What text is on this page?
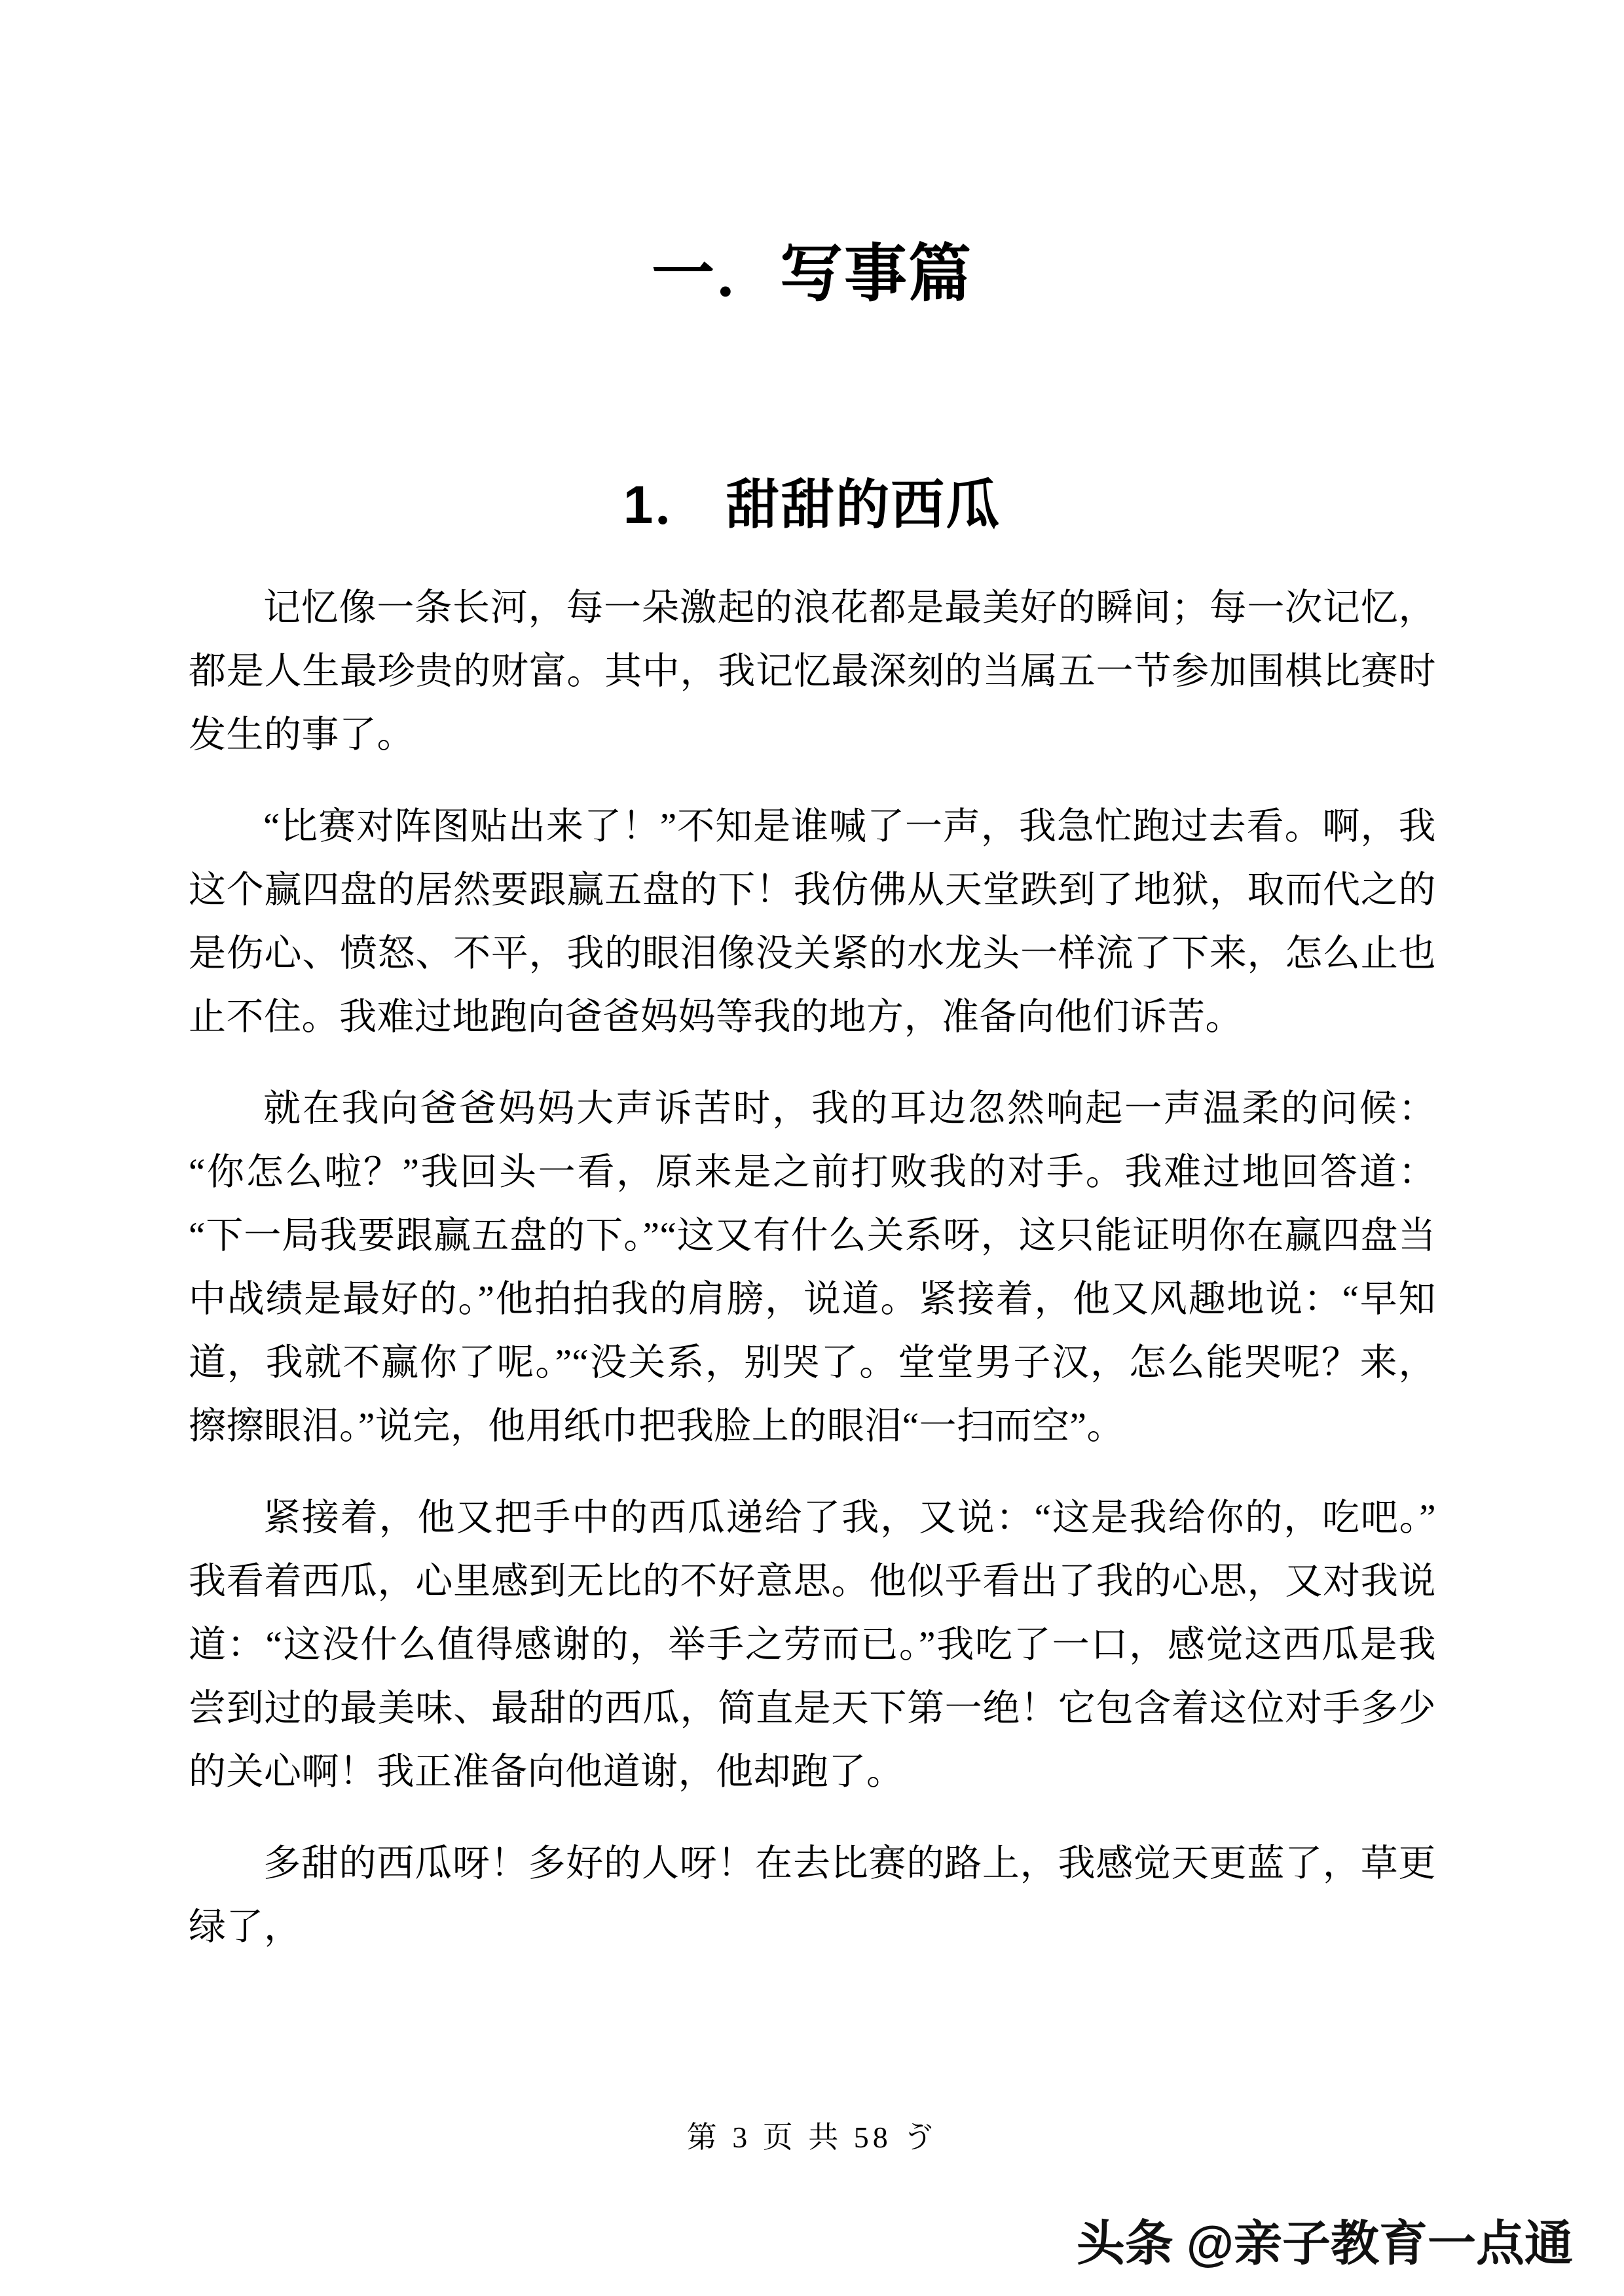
一．写事篇
1． 甜甜的西瓜

记忆像一条长河，每一朵激起的浪花都是最美好的瞬间；每一次记忆，都是人生最珍贵的财富。其中，我记忆最深刻的当属五一节参加围棋比赛时发生的事了。

“比赛对阵图贴出来了！”不知是谁喊了一声，我急忙跑过去看。啊，我这个赢四盘的居然要跟赢五盘的下！我仿佛从天堂跌到了地狱，取而代之的是伤心、愤怒、不平，我的眼泪像没关紧的水龙头一样流了下来，怎么止也止不住。我难过地跑向爸爸妈妈等我的地方，准备向他们诉苦。

就在我向爸爸妈妈大声诉苦时，我的耳边忽然响起一声温柔的问候：“你怎么啦？”我回头一看，原来是之前打败我的对手。我难过地回答道：“下一局我要跟赢五盘的下。”“这又有什么关系呀，这只能证明你在赢四盘当中战绩是最好的。”他拍拍我的肩膀，说道。紧接着，他又风趣地说：“早知道，我就不赢你了呢。”“没关系，别哭了。堂堂男子汉，怎么能哭呢？来，擦擦眼泪。”说完，他用纸巾把我脸上的眼泪“一扫而空”。

紧接着，他又把手中的西瓜递给了我，又说：“这是我给你的，吃吧。”我看着西瓜，心里感到无比的不好意思。他似乎看出了我的心思，又对我说道：“这没什么值得感谢的，举手之劳而已。”我吃了一口，感觉这西瓜是我尝到过的最美味、最甜的西瓜，简直是天下第一绝！它包含着这位对手多少的关心啊！我正准备向他道谢，他却跑了。

多甜的西瓜呀！多好的人呀！在去比赛的路上，我感觉天更蓝了，草更绿了，

第 3 页 共 58 ゔ
头条 @亲子教育一点通
